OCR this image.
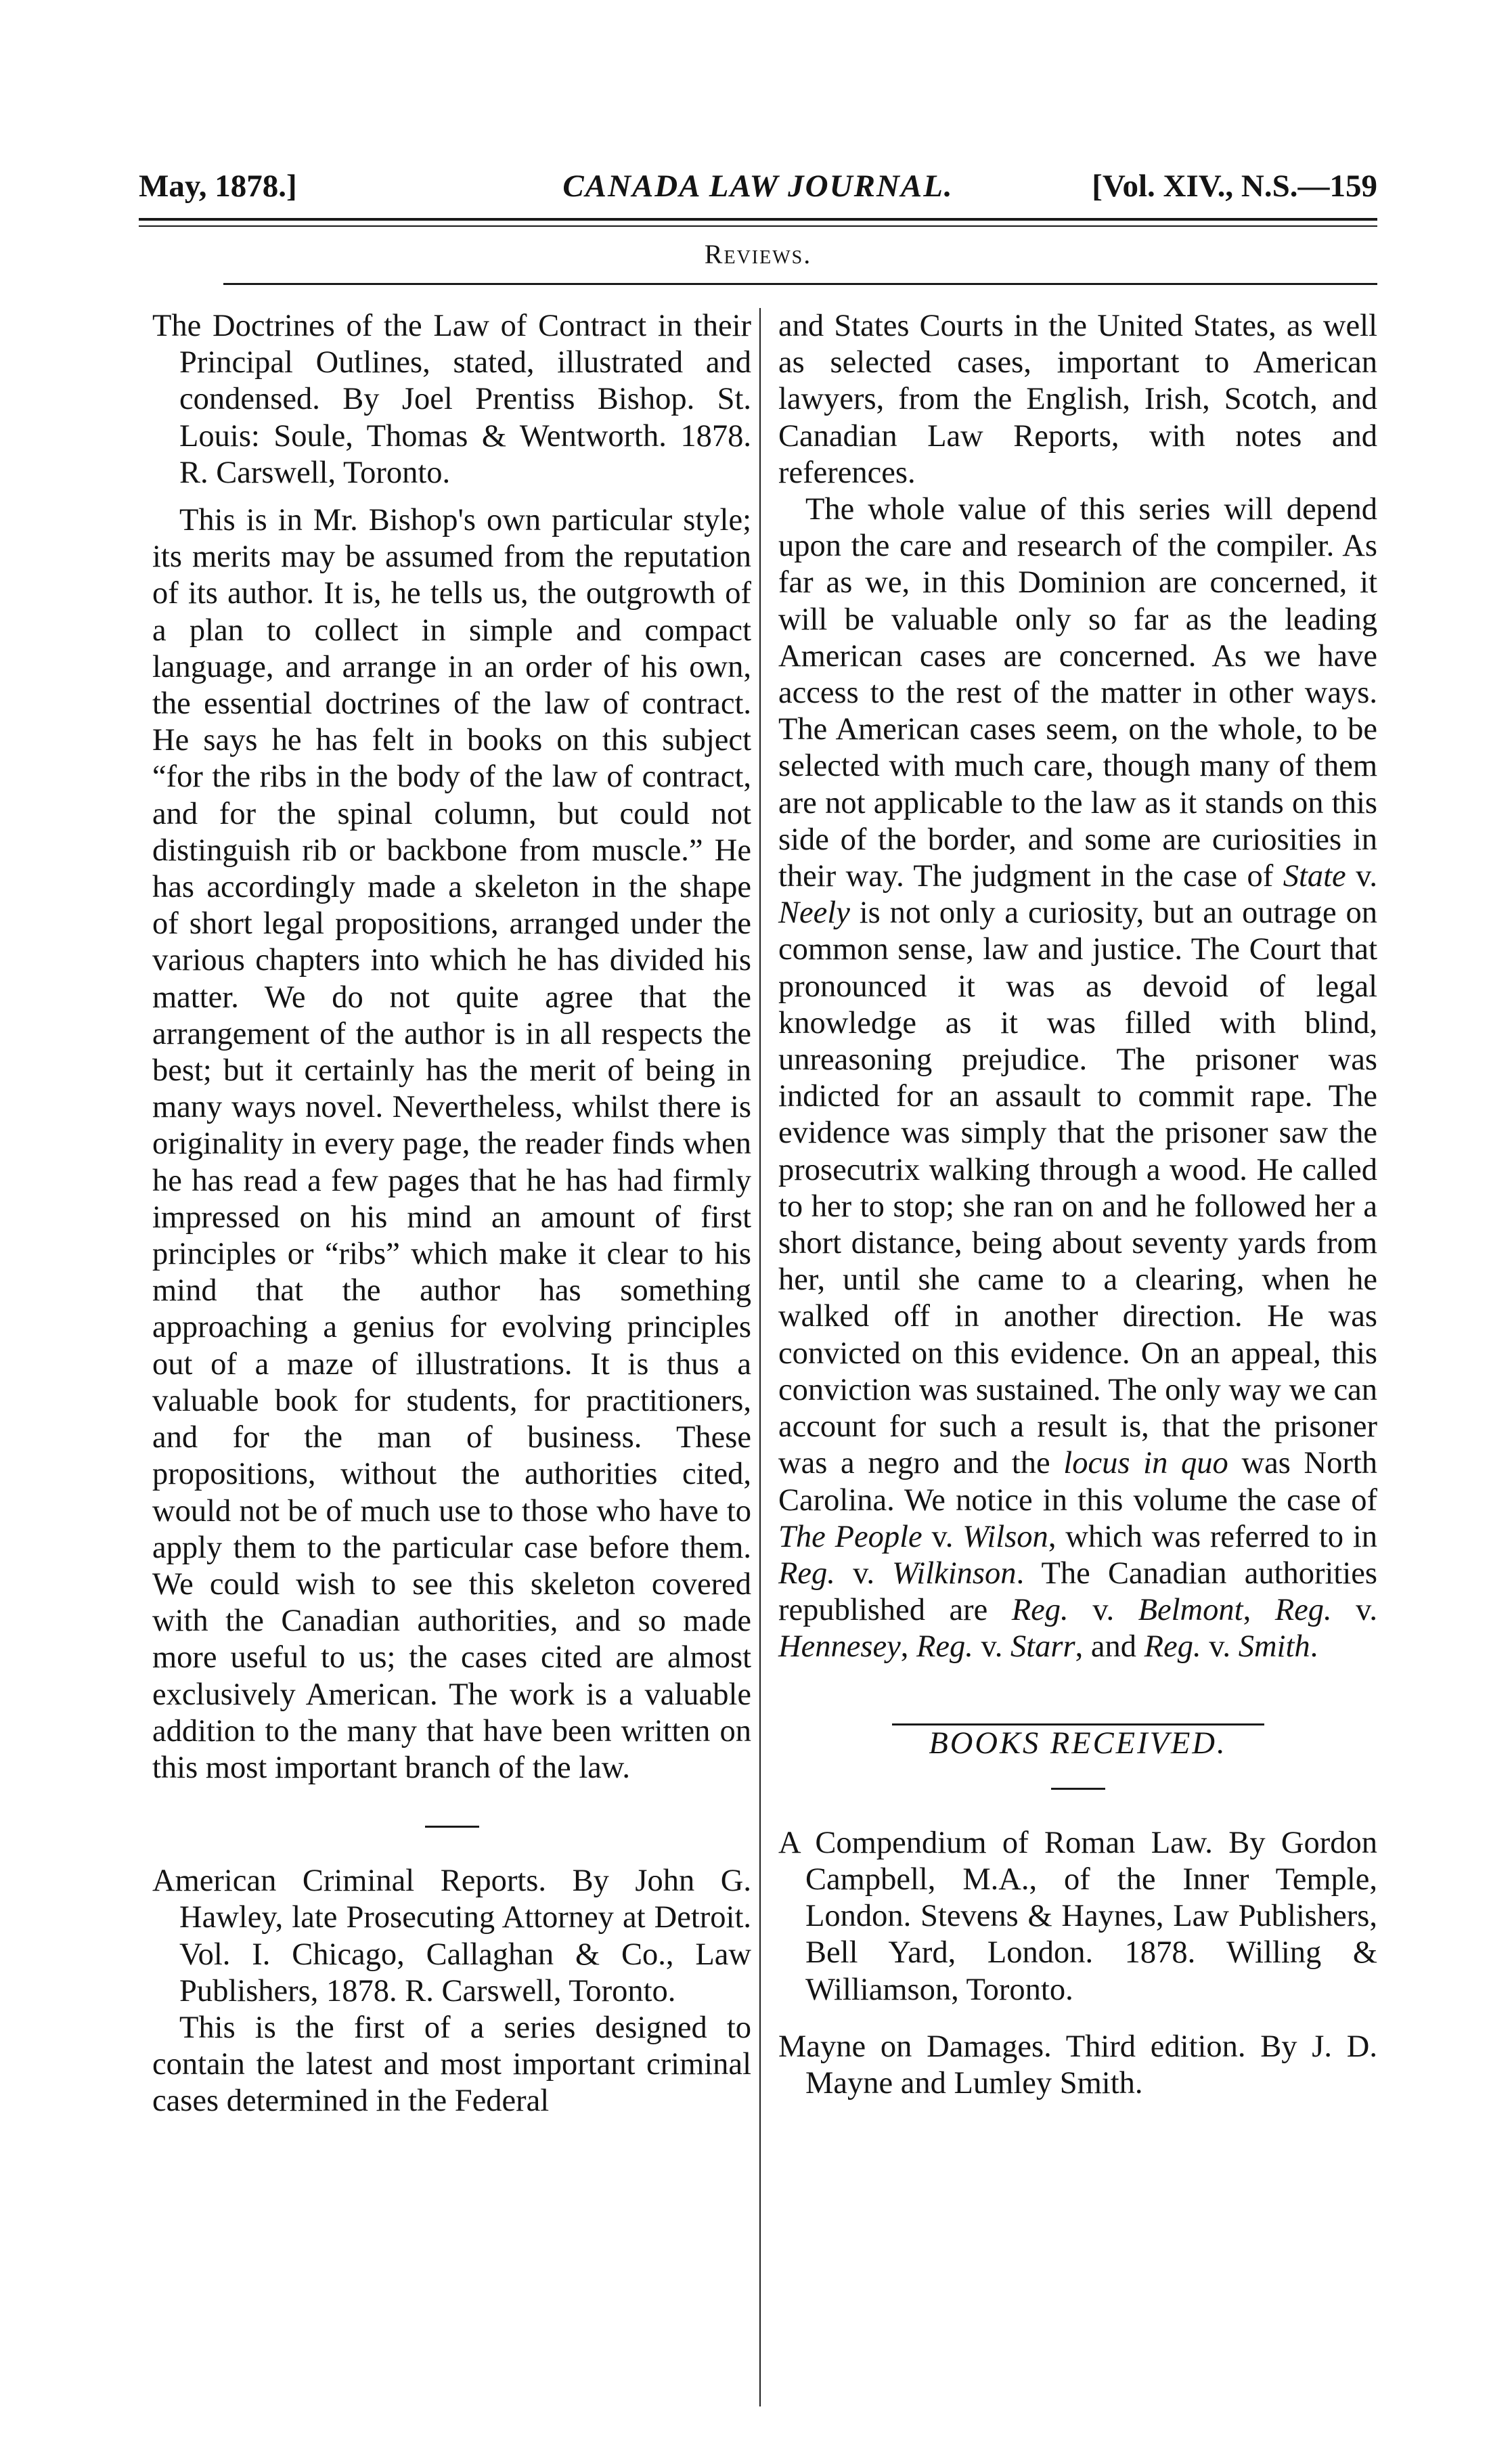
May, 1878.]	CANADA LAW JOURNAL.	[Vol. XIV., N.S.—159
Reviews.

The Doctrines of the Law of Contract in their Principal Outlines, stated, illustrated and condensed. By Joel Prentiss Bishop. St. Louis: Soule, Thomas & Wentworth. 1878. R. Carswell, Toronto.

This is in Mr. Bishop's own particular style; its merits may be assumed from the reputation of its author. It is, he tells us, the outgrowth of a plan to collect in simple and compact language, and arrange in an order of his own, the essential doctrines of the law of contract. He says he has felt in books on this subject “for the ribs in the body of the law of contract, and for the spinal column, but could not distinguish rib or backbone from muscle.” He has accordingly made a skeleton in the shape of short legal propositions, arranged under the various chapters into which he has divided his matter. We do not quite agree that the arrangement of the author is in all respects the best; but it certainly has the merit of being in many ways novel. Nevertheless, whilst there is originality in every page, the reader finds when he has read a few pages that he has had firmly impressed on his mind an amount of first principles or “ribs” which make it clear to his mind that the author has something approaching a genius for evolving principles out of a maze of illustrations. It is thus a valuable book for students, for practitioners, and for the man of business. These propositions, without the authorities cited, would not be of much use to those who have to apply them to the particular case before them. We could wish to see this skeleton covered with the Canadian authorities, and so made more useful to us; the cases cited are almost exclusively American. The work is a valuable addition to the many that have been written on this most important branch of the law.

American Criminal Reports. By John G. Hawley, late Prosecuting Attorney at Detroit. Vol. I. Chicago, Callaghan & Co., Law Publishers, 1878. R. Carswell, Toronto.

This is the first of a series designed to contain the latest and most important criminal cases determined in the Federal

and States Courts in the United States, as well as selected cases, important to American lawyers, from the English, Irish, Scotch, and Canadian Law Reports, with notes and references.

The whole value of this series will depend upon the care and research of the compiler. As far as we, in this Dominion are concerned, it will be valuable only so far as the leading American cases are concerned. As we have access to the rest of the matter in other ways. The American cases seem, on the whole, to be selected with much care, though many of them are not applicable to the law as it stands on this side of the border, and some are curiosities in their way. The judgment in the case of State v. Neely is not only a curiosity, but an outrage on common sense, law and justice. The Court that pronounced it was as devoid of legal knowledge as it was filled with blind, unreasoning prejudice. The prisoner was indicted for an assault to commit rape. The evidence was simply that the prisoner saw the prosecutrix walking through a wood. He called to her to stop; she ran on and he followed her a short distance, being about seventy yards from her, until she came to a clearing, when he walked off in another direction. He was convicted on this evidence. On an appeal, this conviction was sustained. The only way we can account for such a result is, that the prisoner was a negro and the locus in quo was North Carolina. We notice in this volume the case of The People v. Wilson, which was referred to in Reg. v. Wilkinson. The Canadian authorities republished are Reg. v. Belmont, Reg. v. Hennesey, Reg. v. Starr, and Reg. v. Smith.

BOOKS RECEIVED.

A Compendium of Roman Law. By Gordon Campbell, M.A., of the Inner Temple, London. Stevens & Haynes, Law Publishers, Bell Yard, London. 1878. Willing & Williamson, Toronto.

Mayne on Damages. Third edition. By J. D. Mayne and Lumley Smith.
